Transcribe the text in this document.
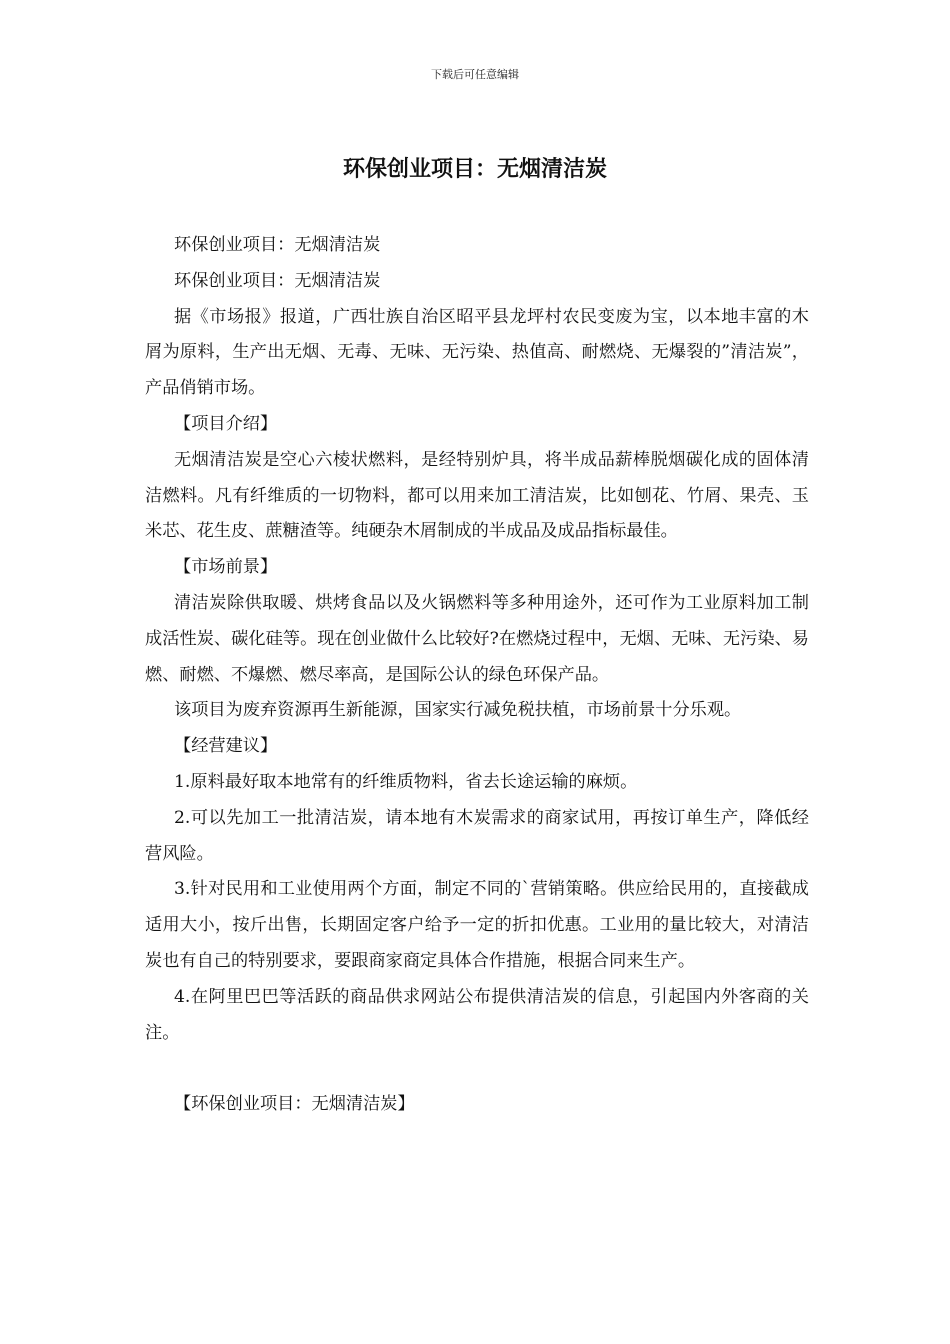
下载后可任意编辑
环保创业项目：无烟清洁炭

环保创业项目：无烟清洁炭

环保创业项目：无烟清洁炭

据《市场报》报道，广西壮族自治区昭平县龙坪村农民变废为宝，以本地丰富的木屑为原料，生产出无烟、无毒、无味、无污染、热值高、耐燃烧、无爆裂的”清洁炭”，产品俏销市场。

【项目介绍】

无烟清洁炭是空心六棱状燃料，是经特别炉具，将半成品薪棒脱烟碳化成的固体清洁燃料。凡有纤维质的一切物料，都可以用来加工清洁炭，比如刨花、竹屑、果壳、玉米芯、花生皮、蔗糖渣等。纯硬杂木屑制成的半成品及成品指标最佳。

【市场前景】

清洁炭除供取暖、烘烤食品以及火锅燃料等多种用途外，还可作为工业原料加工制成活性炭、碳化硅等。现在创业做什么比较好?在燃烧过程中，无烟、无味、无污染、易燃、耐燃、不爆燃、燃尽率高，是国际公认的绿色环保产品。

该项目为废弃资源再生新能源，国家实行减免税扶植，市场前景十分乐观。

【经营建议】

1.原料最好取本地常有的纤维质物料，省去长途运输的麻烦。

2.可以先加工一批清洁炭，请本地有木炭需求的商家试用，再按订单生产，降低经营风险。

3.针对民用和工业使用两个方面，制定不同的`营销策略。供应给民用的，直接截成适用大小，按斤出售，长期固定客户给予一定的折扣优惠。工业用的量比较大，对清洁炭也有自己的特别要求，要跟商家商定具体合作措施，根据合同来生产。

4.在阿里巴巴等活跃的商品供求网站公布提供清洁炭的信息，引起国内外客商的关注。

【环保创业项目：无烟清洁炭】
